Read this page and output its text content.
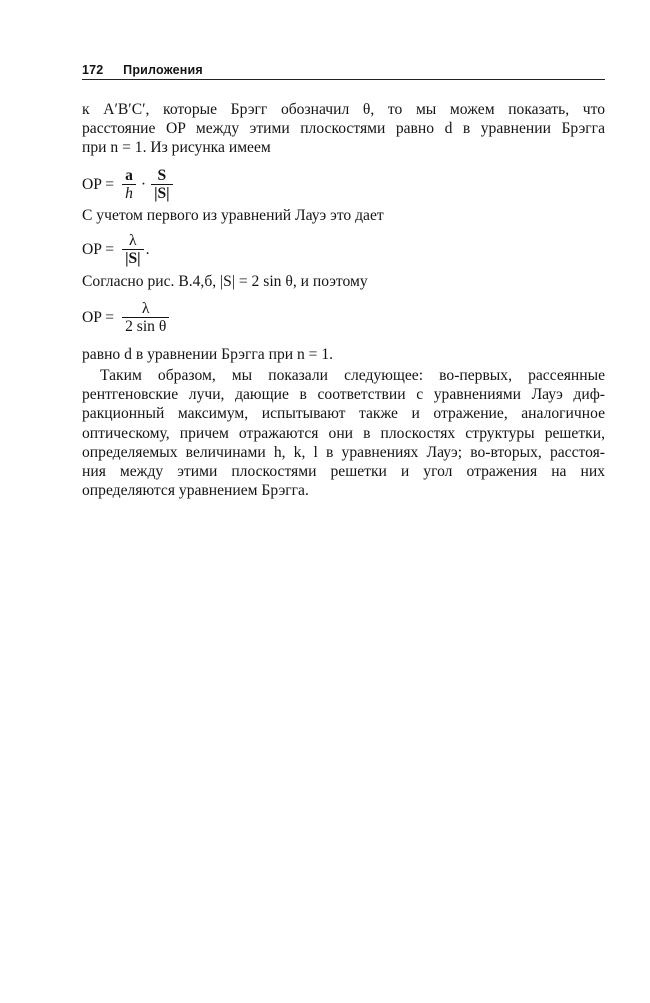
172 Приложения
к A′B′C′, которые Брэгг обозначил θ, то мы можем показать, что
расстояние OP между этими плоскостями равно d в уравнении Брэгга
при n = 1. Из рисунка имеем
OP = $\frac{a}{h} \cdot \frac{S}{|S|}$
С учетом первого из уравнений Лауэ это дает
OP = $\frac{\lambda}{|S|}$ .
Согласно рис. В.4,б, |S| = 2 sin θ, и поэтому
OP = $\frac{\lambda}{\text{2 sin θ}}$
равно d в уравнении Брэгга при n = 1.
Таким образом, мы показали следующее: во-первых, рассеянные
рентгеновские лучи, дающие в соответствии с уравнениями Лауэ диф-
ракционный максимум, испытывают также и отражение, аналогичное
оптическому, причем отражаются они в плоскостях структуры решетки,
определяемых величинами h, k, l в уравнениях Лауэ; во-вторых, расстоя-
ния между этими плоскостями решетки и угол отражения на них
определяются уравнением Брэгга.
